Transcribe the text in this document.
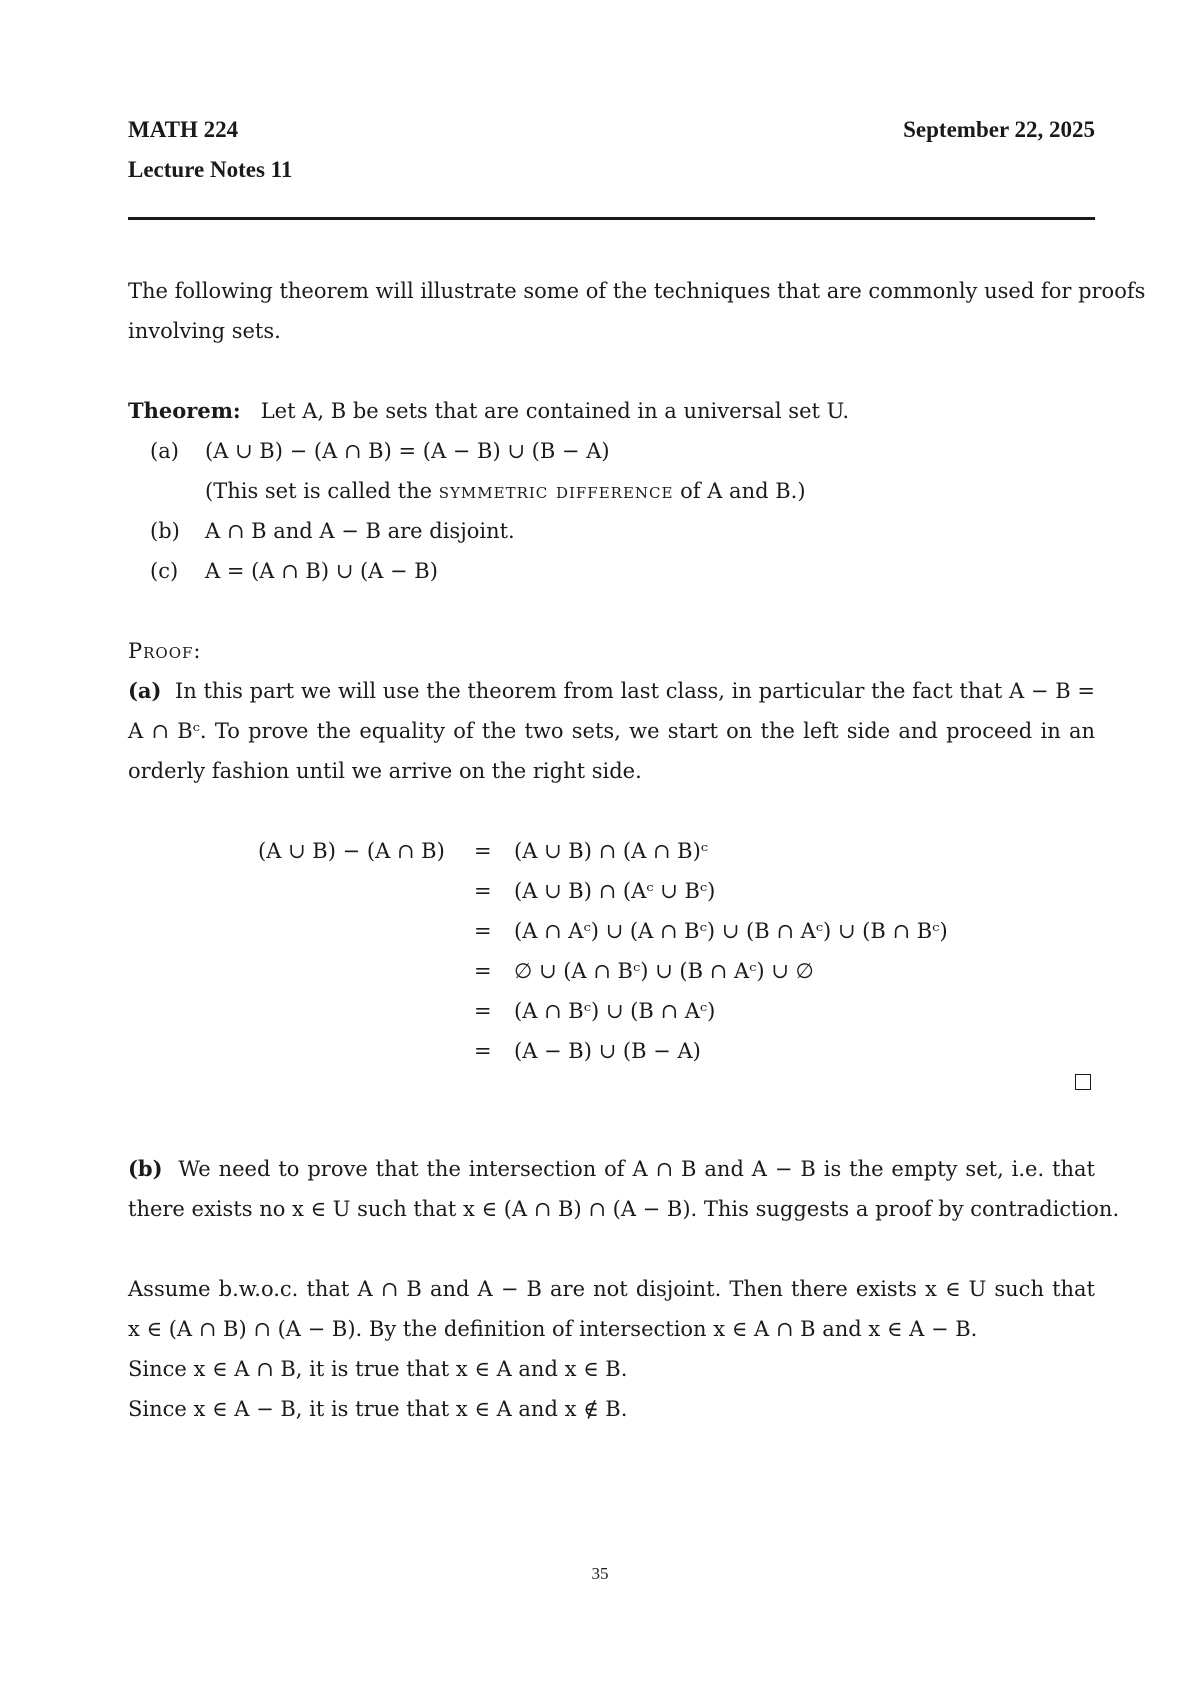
MATH 224	September 22, 2025
Lecture Notes 11
The following theorem will illustrate some of the techniques that are commonly used for proofs
involving sets.
Theorem: Let A, B be sets that are contained in a universal set U.
(a) (A ∪ B) − (A ∩ B) = (A − B) ∪ (B − A)
(This set is called the symmetric difference of A and B.)
(b) A ∩ B and A − B are disjoint.
(c) A = (A ∩ B) ∪ (A − B)
Proof:
(a) In this part we will use the theorem from last class, in particular the fact that A − B =
A ∩ Bᶜ. To prove the equality of the two sets, we start on the left side and proceed in an
orderly fashion until we arrive on the right side.
(A ∪ B) − (A ∩ B) = (A ∪ B) ∩ (A ∩ B)ᶜ
= (A ∪ B) ∩ (Aᶜ ∪ Bᶜ)
= (A ∩ Aᶜ) ∪ (A ∩ Bᶜ) ∪ (B ∩ Aᶜ) ∪ (B ∩ Bᶜ)
= ∅ ∪ (A ∩ Bᶜ) ∪ (B ∩ Aᶜ) ∪ ∅
= (A ∩ Bᶜ) ∪ (B ∩ Aᶜ)
= (A − B) ∪ (B − A)
(b) We need to prove that the intersection of A ∩ B and A − B is the empty set, i.e. that
there exists no x ∈ U such that x ∈ (A ∩ B) ∩ (A − B). This suggests a proof by contradiction.
Assume b.w.o.c. that A ∩ B and A − B are not disjoint. Then there exists x ∈ U such that
x ∈ (A ∩ B) ∩ (A − B). By the definition of intersection x ∈ A ∩ B and x ∈ A − B.
Since x ∈ A ∩ B, it is true that x ∈ A and x ∈ B.
Since x ∈ A − B, it is true that x ∈ A and x ∉ B.
35
